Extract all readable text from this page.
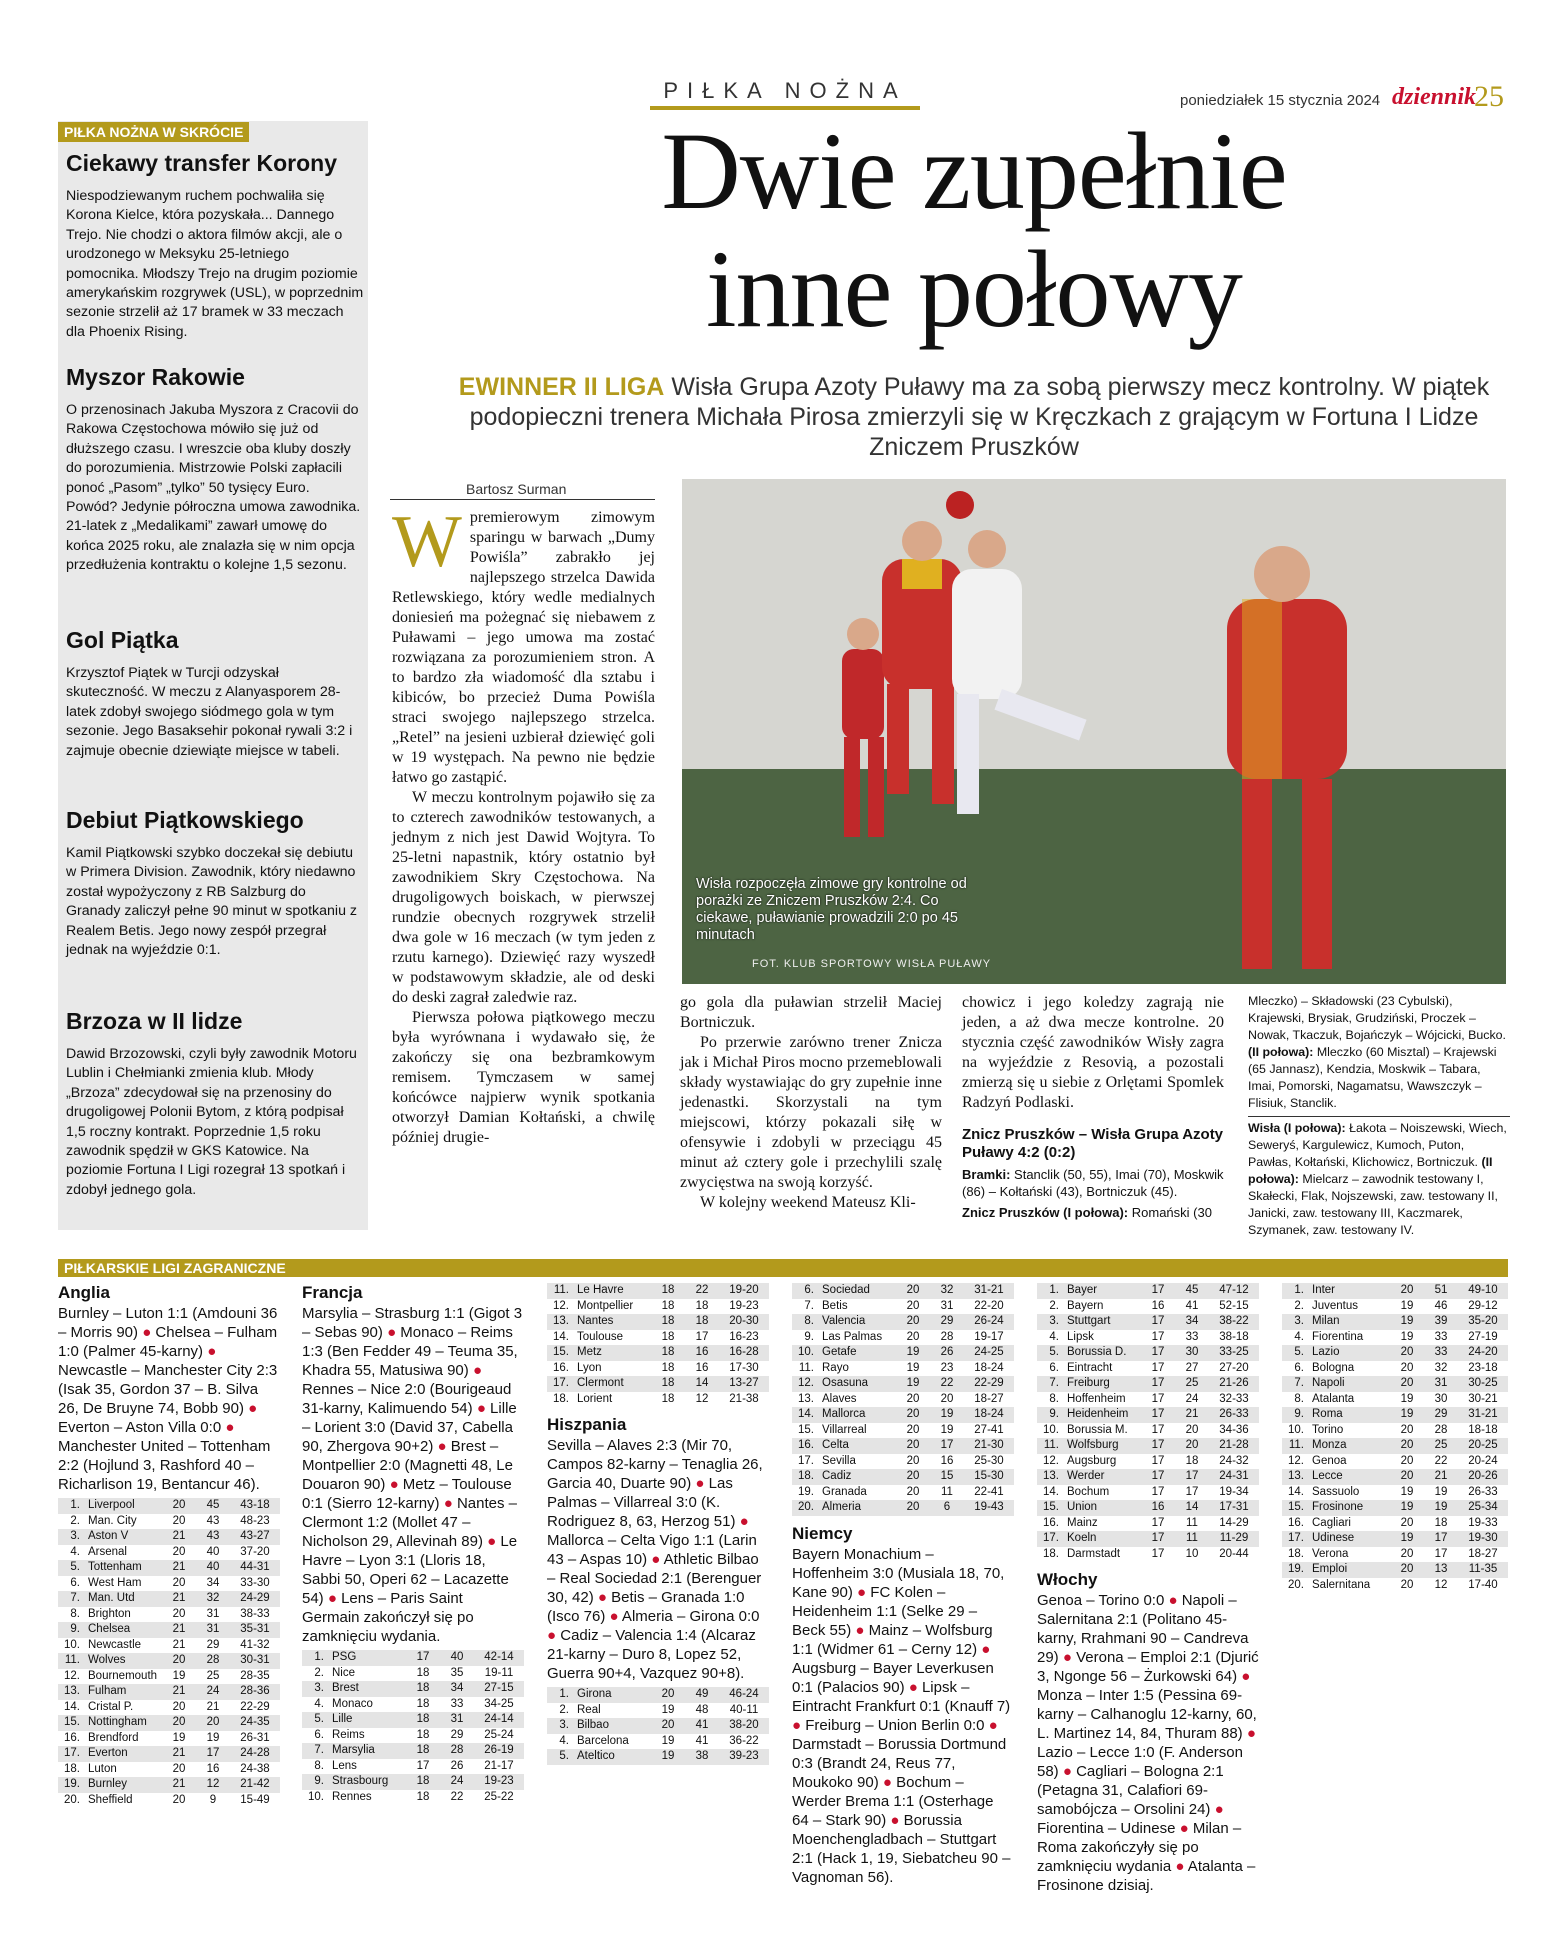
PIŁKA NOŻNA	poniedziałek 15 stycznia 2024 dziennik
25
PIŁKA NOŻNA W SKRÓCIE
Ciekawy transfer Korony

Niespodziewanym ruchem pochwaliła się Korona Kielce, która pozyskała... Dannego Trejo. Nie chodzi o aktora filmów akcji, ale o urodzonego w Meksyku 25-letniego pomocnika. Młodszy Trejo na drugim poziomie amerykańskim rozgrywek (USL), w poprzednim sezonie strzelił aż 17 bramek w 33 meczach dla Phoenix Rising.

Myszor Rakowie

O przenosinach Jakuba Myszora z Cracovii do Rakowa Częstochowa mówiło się już od dłuższego czasu. I wreszcie oba kluby doszły do porozumienia. Mistrzowie Polski zapłacili ponoć „Pasom” „tylko” 50 tysięcy Euro. Powód? Jedynie półroczna umowa zawodnika. 21-latek z „Medalikami” zawarł umowę do końca 2025 roku, ale znalazła się w nim opcja przedłużenia kontraktu o kolejne 1,5 sezonu.

Gol Piątka

Krzysztof Piątek w Turcji odzyskał skuteczność. W meczu z Alanyasporem 28-latek zdobył swojego siódmego gola w tym sezonie. Jego Basaksehir pokonał rywali 3:2 i zajmuje obecnie dziewiąte miejsce w tabeli.

Debiut Piątkowskiego

Kamil Piątkowski szybko doczekał się debiutu w Primera Division. Zawodnik, który niedawno został wypożyczony z RB Salzburg do Granady zaliczył pełne 90 minut w spotkaniu z Realem Betis. Jego nowy zespół przegrał jednak na wyjeździe 0:1.

Brzoza w II lidze

Dawid Brzozowski, czyli były zawodnik Motoru Lublin i Chełmianki zmienia klub. Młody „Brzoza” zdecydował się na przenosiny do drugoligowej Polonii Bytom, z którą podpisał 1,5 roczny kontrakt. Poprzednie 1,5 roku zawodnik spędził w GKS Katowice. Na poziomie Fortuna I Ligi rozegrał 13 spotkań i zdobył jednego gola.

Dwie zupełnie
inne połowy
EWINNER II LIGA Wisła Grupa Azoty Puławy ma za sobą pierwszy mecz kontrolny. W piątek podopieczni trenera Michała Pirosa zmierzyli się w Kręczkach z grającym w Fortuna I Lidze Zniczem Pruszków
Bartosz Surman

Wpremierowym zimowym sparingu w barwach „Dumy Powiśla” zabrakło jej najlepszego strzelca Dawida Retlewskiego, który wedle medialnych doniesień ma pożegnać się niebawem z Puławami – jego umowa ma zostać rozwiązana za porozumieniem stron. A to bardzo zła wiadomość dla sztabu i kibiców, bo przecież Duma Powiśla straci swojego najlepszego strzelca. „Retel” na jesieni uzbierał dziewięć goli w 19 występach. Na pewno nie będzie łatwo go zastąpić.

W meczu kontrolnym pojawiło się za to czterech zawodników testowanych, a jednym z nich jest Dawid Wojtyra. To 25-letni napastnik, który ostatnio był zawodnikiem Skry Częstochowa. Na drugoligowych boiskach, w pierwszej rundzie obecnych rozgrywek strzelił dwa gole w 16 meczach (w tym jeden z rzutu karnego). Dziewięć razy wyszedł w podstawowym składzie, ale od deski do deski zagrał zaledwie raz.

Pierwsza połowa piątkowego meczu była wyrównana i wydawało się, że zakończy się ona bezbramkowym remisem. Tymczasem w samej końcówce najpierw wynik spotkania otworzył Damian Kołtański, a chwilę później drugie-

go gola dla puławian strzelił Maciej Bortniczuk.

Po przerwie zarówno trener Znicza jak i Michał Piros mocno przemeblowali składy wystawiając do gry zupełnie inne jedenastki. Skorzystali na tym miejscowi, którzy pokazali siłę w ofensywie i zdobyli w przeciągu 45 minut aż cztery gole i przechylili szalę zwycięstwa na swoją korzyść.

W kolejny weekend Mateusz Kli-

chowicz i jego koledzy zagrają nie jeden, a aż dwa mecze kontrolne. 20 stycznia część zawodników Wisły zagra na wyjeździe z Resovią, a pozostali zmierzą się u siebie z Orlętami Spomlek Radzyń Podlaski.

Wisła rozpoczęła zimowe gry kontrolne od porażki ze Zniczem Pruszków 2:4. Co ciekawe, puławianie prowadzili 2:0 po 45 minutach
FOT. KLUB SPORTOWY WISŁA PUŁAWY
Znicz Pruszków – Wisła Grupa Azoty Puławy 4:2 (0:2)
Bramki: Stanclik (50, 55), Imai (70), Moskwik (86) – Kołtański (43), Bortniczuk (45).
Znicz Pruszków (I połowa): Romański (30
Mleczko) – Składowski (23 Cybulski), Krajewski, Brysiak, Grudziński, Proczek – Nowak, Tkaczuk, Bojańczyk – Wójcicki, Bucko. (II połowa): Mleczko (60 Misztal) – Krajewski (65 Jannasz), Kendzia, Moskwik – Tabara, Imai, Pomorski, Nagamatsu, Wawszczyk – Flisiuk, Stanclik.
Wisła (I połowa): Łakota – Noiszewski, Wiech, Seweryś, Kargulewicz, Kumoch, Puton, Pawłas, Kołtański, Klichowicz, Bortniczuk. (II połowa): Mielcarz – zawodnik testowany I, Skałecki, Flak, Nojszewski, zaw. testowany II, Janicki, zaw. testowany III, Kaczmarek, Szymanek, zaw. testowany IV.
PIŁKARSKIE LIGI ZAGRANICZNE
Anglia
Burnley – Luton 1:1 (Amdouni 36 – Morris 90) ● Chelsea – Fulham 1:0 (Palmer 45-karny) ● Newcastle – Manchester City 2:3 (Isak 35, Gordon 37 – B. Silva 26, De Bruyne 74, Bobb 90) ● Everton – Aston Villa 0:0 ● Manchester United – Tottenham 2:2 (Hojlund 3, Rashford 40 – Richarlison 19, Bentancur 46).
1.	Liverpool	20	45	43-18
2.	Man. City	20	43	48-23
3.	Aston V	21	43	43-27
4.	Arsenal	20	40	37-20
5.	Tottenham	21	40	44-31
6.	West Ham	20	34	33-30
7.	Man. Utd	21	32	24-29
8.	Brighton	20	31	38-33
9.	Chelsea	21	31	35-31
10.	Newcastle	21	29	41-32
11.	Wolves	20	28	30-31
12.	Bournemouth	19	25	28-35
13.	Fulham	21	24	28-36
14.	Cristal P.	20	21	22-29
15.	Nottingham	20	20	24-35
16.	Brendford	19	19	26-31
17.	Everton	21	17	24-28
18.	Luton	20	16	24-38
19.	Burnley	21	12	21-42
20.	Sheffield	20	9	15-49
Francja
Marsylia – Strasburg 1:1 (Gigot 3 – Sebas 90) ● Monaco – Reims 1:3 (Ben Fedder 49 – Teuma 35, Khadra 55, Matusiwa 90) ● Rennes – Nice 2:0 (Bourigeaud 31-karny, Kalimuendo 54) ● Lille – Lorient 3:0 (David 37, Cabella 90, Zhergova 90+2) ● Brest – Montpellier 2:0 (Magnetti 48, Le Douaron 90) ● Metz – Toulouse 0:1 (Sierro 12-karny) ● Nantes – Clermont 1:2 (Mollet 47 – Nicholson 29, Allevinah 89) ● Le Havre – Lyon 3:1 (Lloris 18, Sabbi 50, Operi 62 – Lacazette 54) ● Lens – Paris Saint Germain zakończył się po zamknięciu wydania.
1.	PSG	17	40	42-14
2.	Nice	18	35	19-11
3.	Brest	18	34	27-15
4.	Monaco	18	33	34-25
5.	Lille	18	31	24-14
6.	Reims	18	29	25-24
7.	Marsylia	18	28	26-19
8.	Lens	17	26	21-17
9.	Strasbourg	18	24	19-23
10.	Rennes	18	22	25-22
11.	Le Havre	18	22	19-20
12.	Montpellier	18	18	19-23
13.	Nantes	18	18	20-30
14.	Toulouse	18	17	16-23
15.	Metz	18	16	16-28
16.	Lyon	18	16	17-30
17.	Clermont	18	14	13-27
18.	Lorient	18	12	21-38
Hiszpania
Sevilla – Alaves 2:3 (Mir 70, Campos 82-karny – Tenaglia 26, Garcia 40, Duarte 90) ● Las Palmas – Villarreal 3:0 (K. Rodriguez 8, 63, Herzog 51) ● Mallorca – Celta Vigo 1:1 (Larin 43 – Aspas 10) ● Athletic Bilbao – Real Sociedad 2:1 (Berenguer 30, 42) ● Betis – Granada 1:0 (Isco 76) ● Almeria – Girona 0:0 ● Cadiz – Valencia 1:4 (Alcaraz 21-karny – Duro 8, Lopez 52, Guerra 90+4, Vazquez 90+8).
1.	Girona	20	49	46-24
2.	Real	19	48	40-11
3.	Bilbao	20	41	38-20
4.	Barcelona	19	41	36-22
5.	Ateltico	19	38	39-23
6.	Sociedad	20	32	31-21
7.	Betis	20	31	22-20
8.	Valencia	20	29	26-24
9.	Las Palmas	20	28	19-17
10.	Getafe	19	26	24-25
11.	Rayo	19	23	18-24
12.	Osasuna	19	22	22-29
13.	Alaves	20	20	18-27
14.	Mallorca	20	19	18-24
15.	Villarreal	20	19	27-41
16.	Celta	20	17	21-30
17.	Sevilla	20	16	25-30
18.	Cadiz	20	15	15-30
19.	Granada	20	11	22-41
20.	Almeria	20	6	19-43
Niemcy
Bayern Monachium – Hoffenheim 3:0 (Musiala 18, 70, Kane 90) ● FC Kolen – Heidenheim 1:1 (Selke 29 – Beck 55) ● Mainz – Wolfsburg 1:1 (Widmer 61 – Cerny 12) ● Augsburg – Bayer Leverkusen 0:1 (Palacios 90) ● Lipsk – Eintracht Frankfurt 0:1 (Knauff 7) ● Freiburg – Union Berlin 0:0 ● Darmstadt – Borussia Dortmund 0:3 (Brandt 24, Reus 77, Moukoko 90) ● Bochum – Werder Brema 1:1 (Osterhage 64 – Stark 90) ● Borussia Moenchengladbach – Stuttgart 2:1 (Hack 1, 19, Siebatcheu 90 – Vagnoman 56).
1.	Bayer	17	45	47-12
2.	Bayern	16	41	52-15
3.	Stuttgart	17	34	38-22
4.	Lipsk	17	33	38-18
5.	Borussia D.	17	30	33-25
6.	Eintracht	17	27	27-20
7.	Freiburg	17	25	21-26
8.	Hoffenheim	17	24	32-33
9.	Heidenheim	17	21	26-33
10.	Borussia M.	17	20	34-36
11.	Wolfsburg	17	20	21-28
12.	Augsburg	17	18	24-32
13.	Werder	17	17	24-31
14.	Bochum	17	17	19-34
15.	Union	16	14	17-31
16.	Mainz	17	11	14-29
17.	Koeln	17	11	11-29
18.	Darmstadt	17	10	20-44
Włochy
Genoa – Torino 0:0 ● Napoli – Salernitana 2:1 (Politano 45-karny, Rrahmani 90 – Candreva 29) ● Verona – Emploi 2:1 (Djurić 3, Ngonge 56 – Żurkowski 64) ● Monza – Inter 1:5 (Pessina 69-karny – Calhanoglu 12-karny, 60, L. Martinez 14, 84, Thuram 88) ● Lazio – Lecce 1:0 (F. Anderson 58) ● Cagliari – Bologna 2:1 (Petagna 31, Calafiori 69-samobójcza – Orsolini 24) ● Fiorentina – Udinese ● Milan – Roma zakończyły się po zamknięciu wydania ● Atalanta – Frosinone dzisiaj.
1.	Inter	20	51	49-10
2.	Juventus	19	46	29-12
3.	Milan	19	39	35-20
4.	Fiorentina	19	33	27-19
5.	Lazio	20	33	24-20
6.	Bologna	20	32	23-18
7.	Napoli	20	31	30-25
8.	Atalanta	19	30	30-21
9.	Roma	19	29	31-21
10.	Torino	20	28	18-18
11.	Monza	20	25	20-25
12.	Genoa	20	22	20-24
13.	Lecce	20	21	20-26
14.	Sassuolo	19	19	26-33
15.	Frosinone	19	19	25-34
16.	Cagliari	20	18	19-33
17.	Udinese	19	17	19-30
18.	Verona	20	17	18-27
19.	Emploi	20	13	11-35
20.	Salernitana	20	12	17-40
